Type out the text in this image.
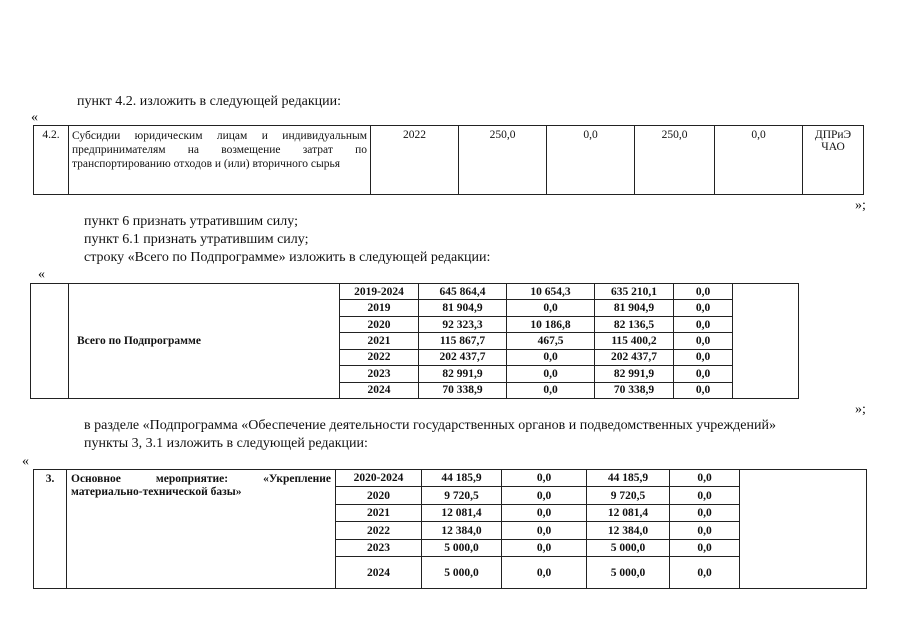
пункт 4.2. изложить в следующей редакции:
«
4.2.	Субсидии юридическим лицам и индивидуальным предпринимателям на возмещение затрат по транспортированию отходов и (или) вторичного сырья	2022	250,0	0,0	250,0	0,0	ДПРиЭ ЧАО
»;
пункт 6 признать утратившим силу;
пункт 6.1 признать утратившим силу;
строку «Всего по Подпрограмме» изложить в следующей редакции:
«
	Всего по Подпрограмме	2019-2024	645 864,4	10 654,3	635 210,1	0,0	
		2019	81 904,9	0,0	81 904,9	0,0	
		2020	92 323,3	10 186,8	82 136,5	0,0	
		2021	115 867,7	467,5	115 400,2	0,0	
		2022	202 437,7	0,0	202 437,7	0,0	
		2023	82 991,9	0,0	82 991,9	0,0	
		2024	70 338,9	0,0	70 338,9	0,0	
»;
в разделе «Подпрограмма «Обеспечение деятельности государственных органов и подведомственных учреждений»
пункты 3, 3.1 изложить в следующей редакции:
«
3.	Основное мероприятие: «Укрепление материально-технической базы»	2020-2024	44 185,9	0,0	44 185,9	0,0	
		2020	9 720,5	0,0	9 720,5	0,0	
		2021	12 081,4	0,0	12 081,4	0,0	
		2022	12 384,0	0,0	12 384,0	0,0	
		2023	5 000,0	0,0	5 000,0	0,0	
		2024	5 000,0	0,0	5 000,0	0,0	
